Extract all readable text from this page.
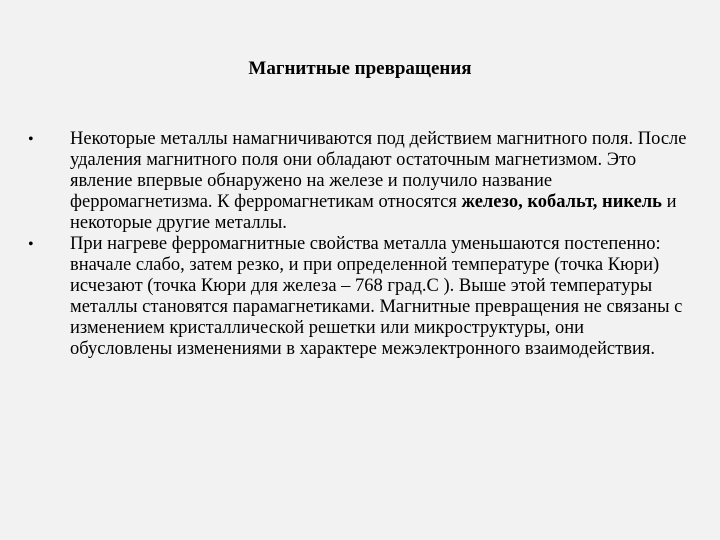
Магнитные превращения
• Некоторые металлы намагничиваются под действием магнитного поля. После удаления магнитного поля они обладают остаточным магнетизмом. Это явление впервые обнаружено на железе и получило название ферромагнетизма. К ферромагнетикам относятся железо, кобальт, никель и некоторые другие металлы.
• При нагреве ферромагнитные свойства металла уменьшаются постепенно: вначале слабо, затем резко, и при определенной температуре (точка Кюри) исчезают (точка Кюри для железа – 768 град.С ). Выше этой температуры металлы становятся парамагнетиками. Магнитные превращения не связаны с изменением кристаллической решетки или микроструктуры, они обусловлены изменениями в характере межэлектронного взаимодействия.
